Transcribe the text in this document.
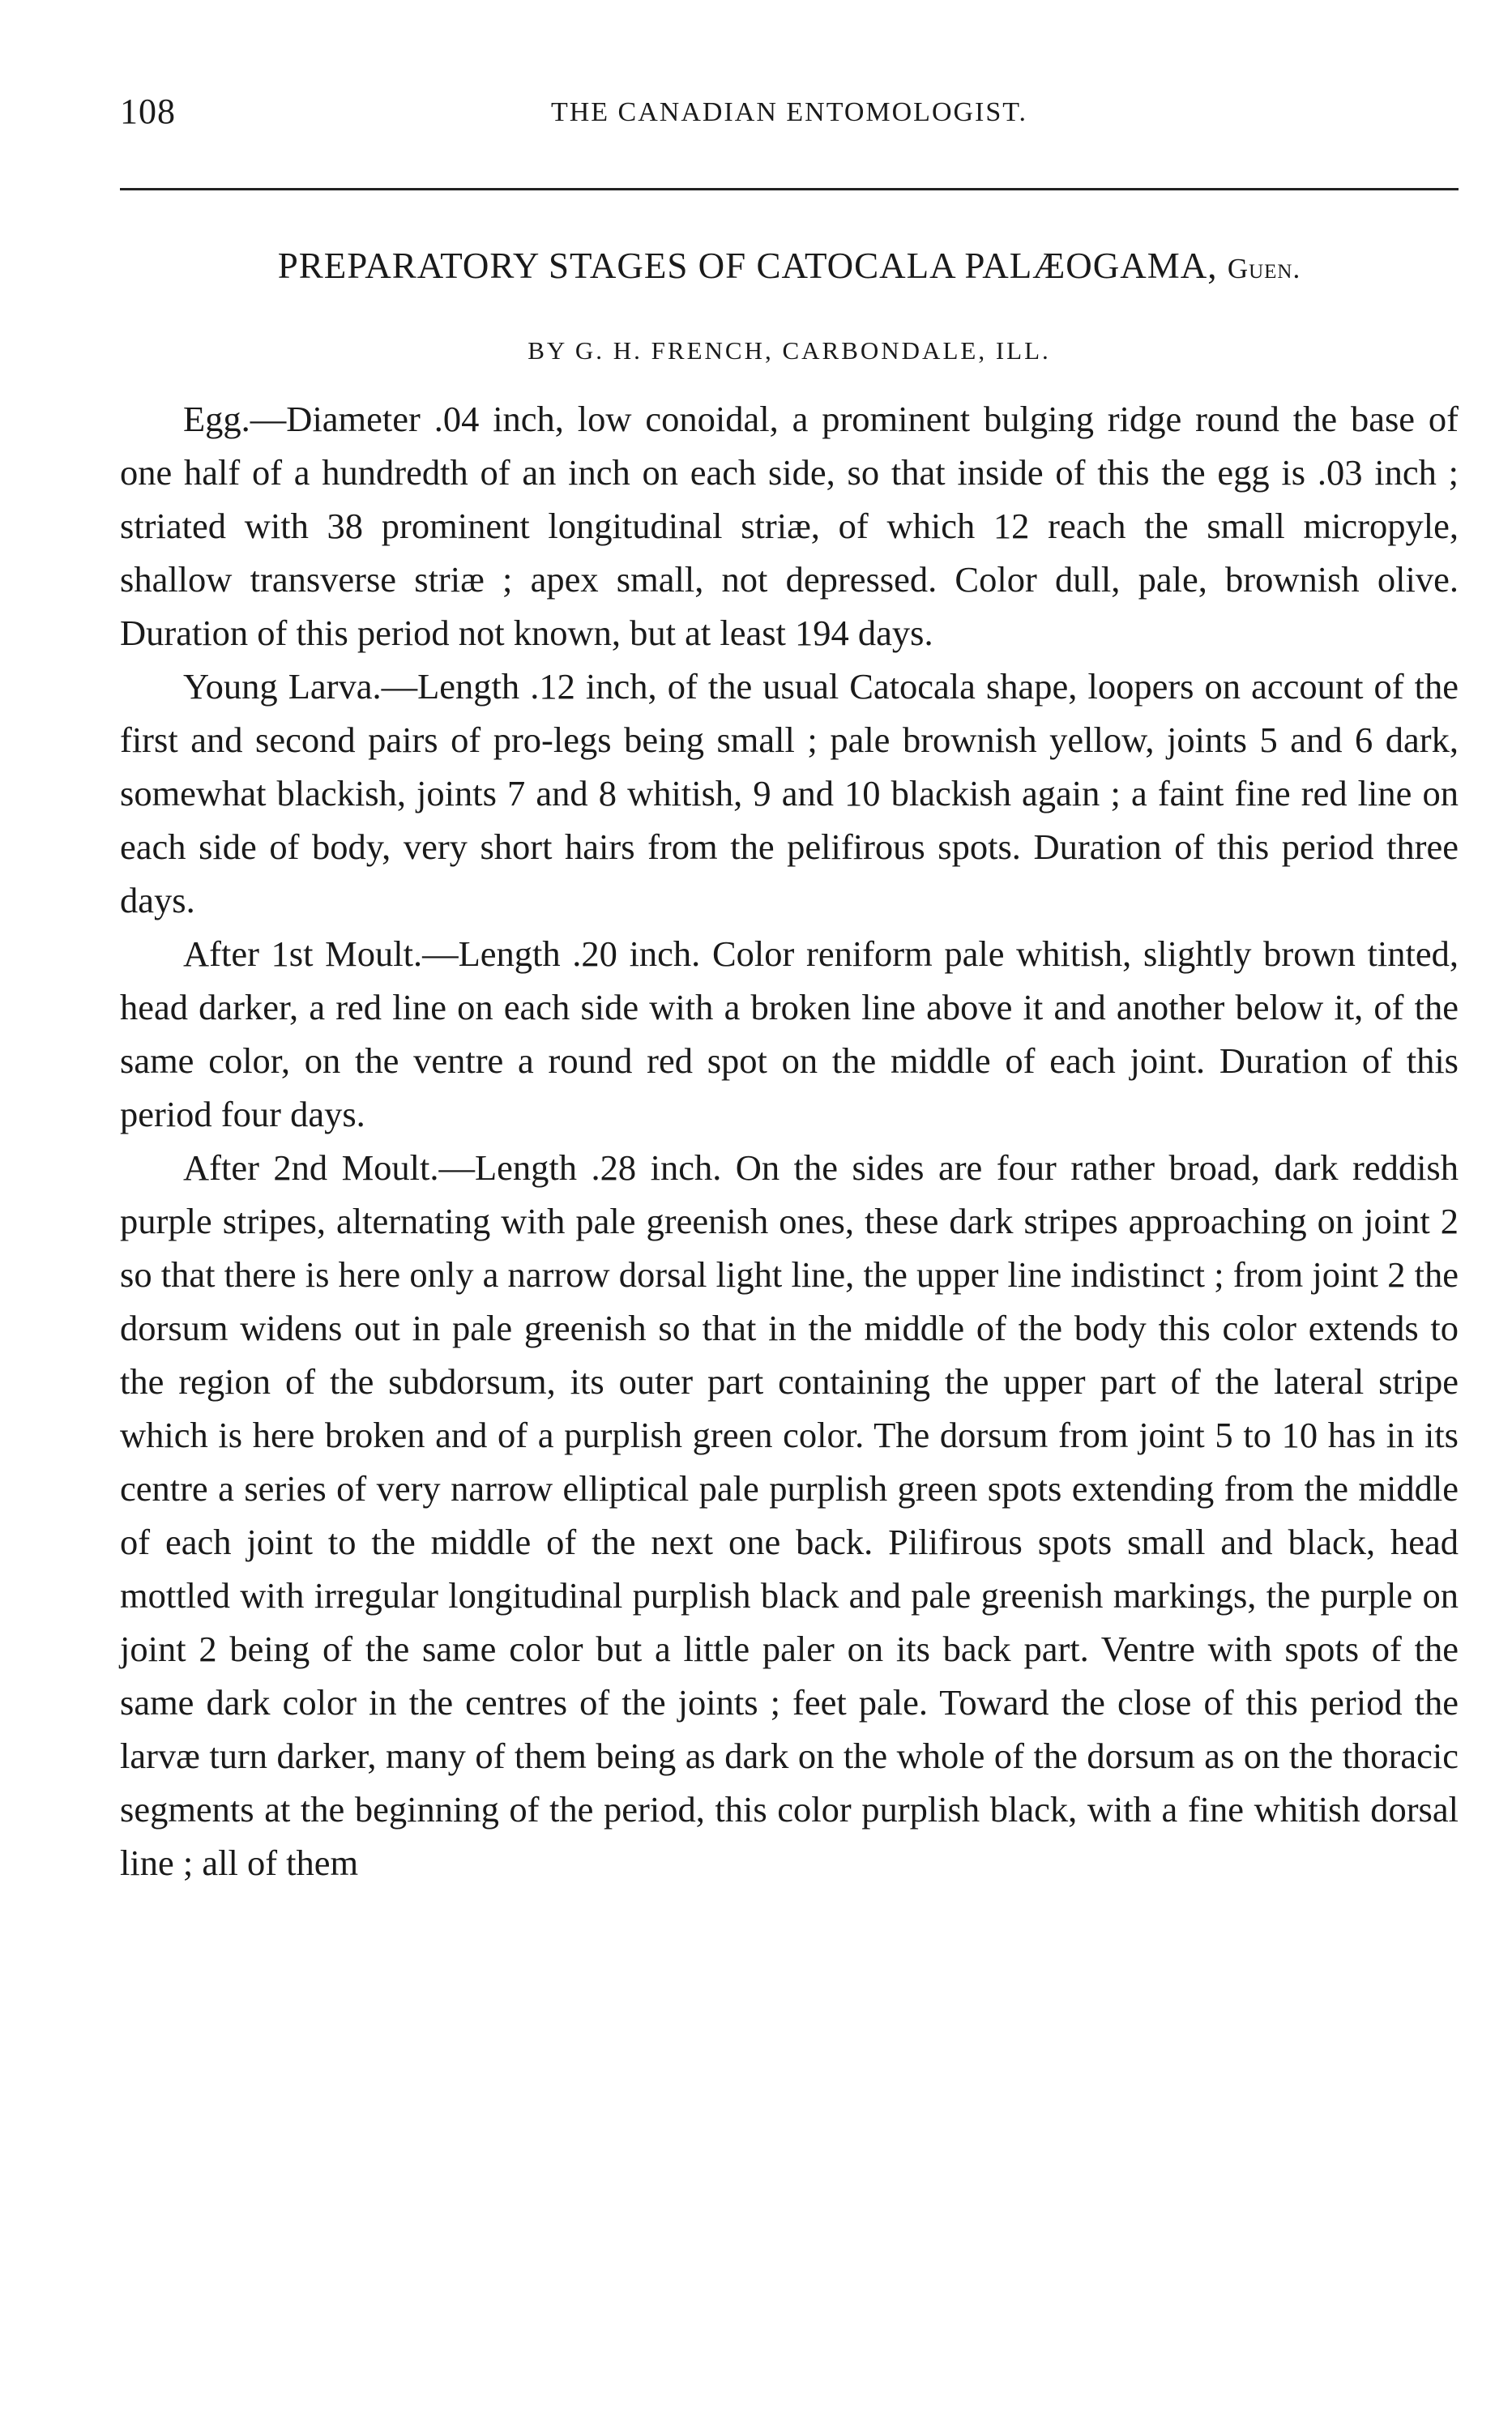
108	THE CANADIAN ENTOMOLOGIST.
PREPARATORY STAGES OF CATOCALA PALÆOGAMA, Guen.
BY G. H. FRENCH, CARBONDALE, ILL.

Egg.—Diameter .04 inch, low conoidal, a prominent bulging ridge round the base of one half of a hundredth of an inch on each side, so that inside of this the egg is .03 inch ; striated with 38 prominent longitudinal striæ, of which 12 reach the small micropyle, shallow transverse striæ ; apex small, not depressed. Color dull, pale, brownish olive. Duration of this period not known, but at least 194 days.

Young Larva.—Length .12 inch, of the usual Catocala shape, loopers on account of the first and second pairs of pro-legs being small ; pale brownish yellow, joints 5 and 6 dark, somewhat blackish, joints 7 and 8 whitish, 9 and 10 blackish again ; a faint fine red line on each side of body, very short hairs from the pelifirous spots. Duration of this period three days.

After 1st Moult.—Length .20 inch. Color reniform pale whitish, slightly brown tinted, head darker, a red line on each side with a broken line above it and another below it, of the same color, on the ventre a round red spot on the middle of each joint. Duration of this period four days.

After 2nd Moult.—Length .28 inch. On the sides are four rather broad, dark reddish purple stripes, alternating with pale greenish ones, these dark stripes approaching on joint 2 so that there is here only a narrow dorsal light line, the upper line indistinct ; from joint 2 the dorsum widens out in pale greenish so that in the middle of the body this color extends to the region of the subdorsum, its outer part containing the upper part of the lateral stripe which is here broken and of a purplish green color. The dorsum from joint 5 to 10 has in its centre a series of very narrow elliptical pale purplish green spots extending from the middle of each joint to the middle of the next one back. Pilifirous spots small and black, head mottled with irregular longitudinal purplish black and pale greenish markings, the purple on joint 2 being of the same color but a little paler on its back part. Ventre with spots of the same dark color in the centres of the joints ; feet pale. Toward the close of this period the larvæ turn darker, many of them being as dark on the whole of the dorsum as on the thoracic segments at the beginning of the period, this color purplish black, with a fine whitish dorsal line ; all of them
